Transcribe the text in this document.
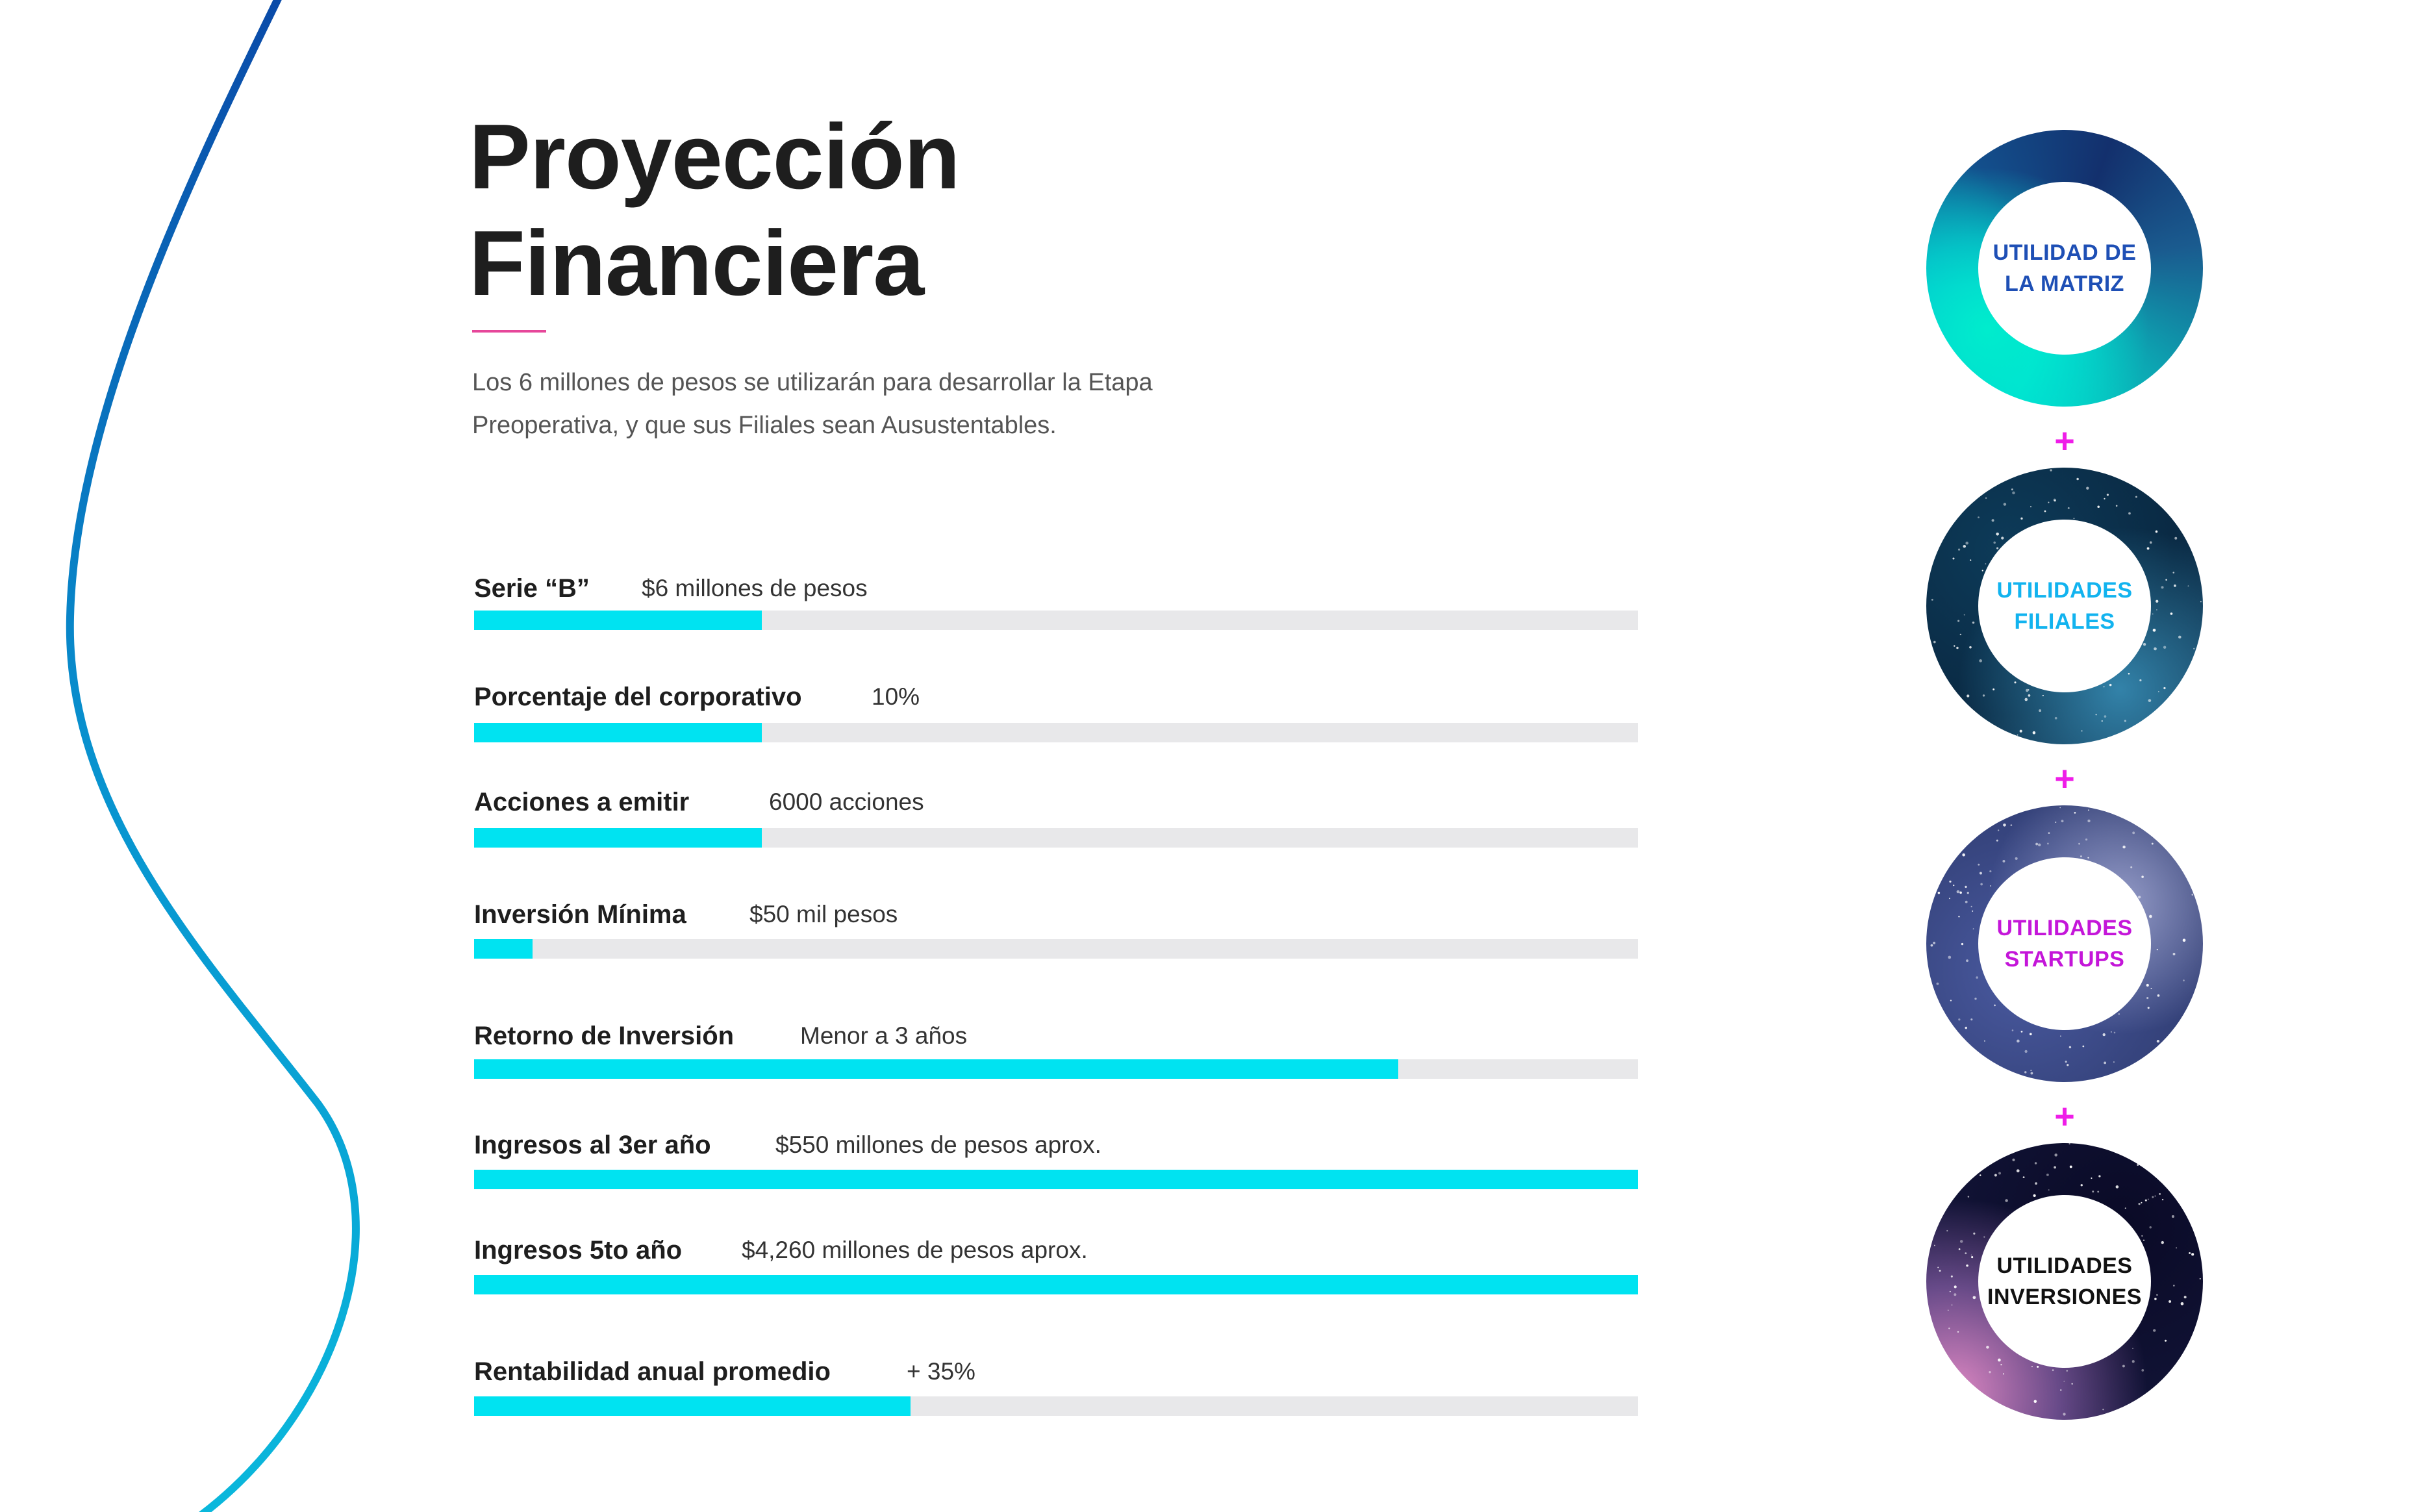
Proyección
Financiera

Los 6 millones de pesos se utilizarán para desarrollar la Etapa
Preoperativa, y que sus Filiales sean Ausustentables.

Serie “B” $6 millones de pesos
Porcentaje del corporativo	10%
Acciones a emitir	6000 acciones
Inversión Mínima	$50 mil pesos
Retorno de Inversión	Menor a 3 años
Ingresos al 3er año	$550 millones de pesos aprox.
Ingresos 5to año $4,260 millones de pesos aprox.
Rentabilidad anual promedio	+ 35%
UTILIDAD DE
LA MATRIZ
+
UTILIDADES
FILIALES
+
UTILIDADES
STARTUPS
+
UTILIDADES
INVERSIONES
